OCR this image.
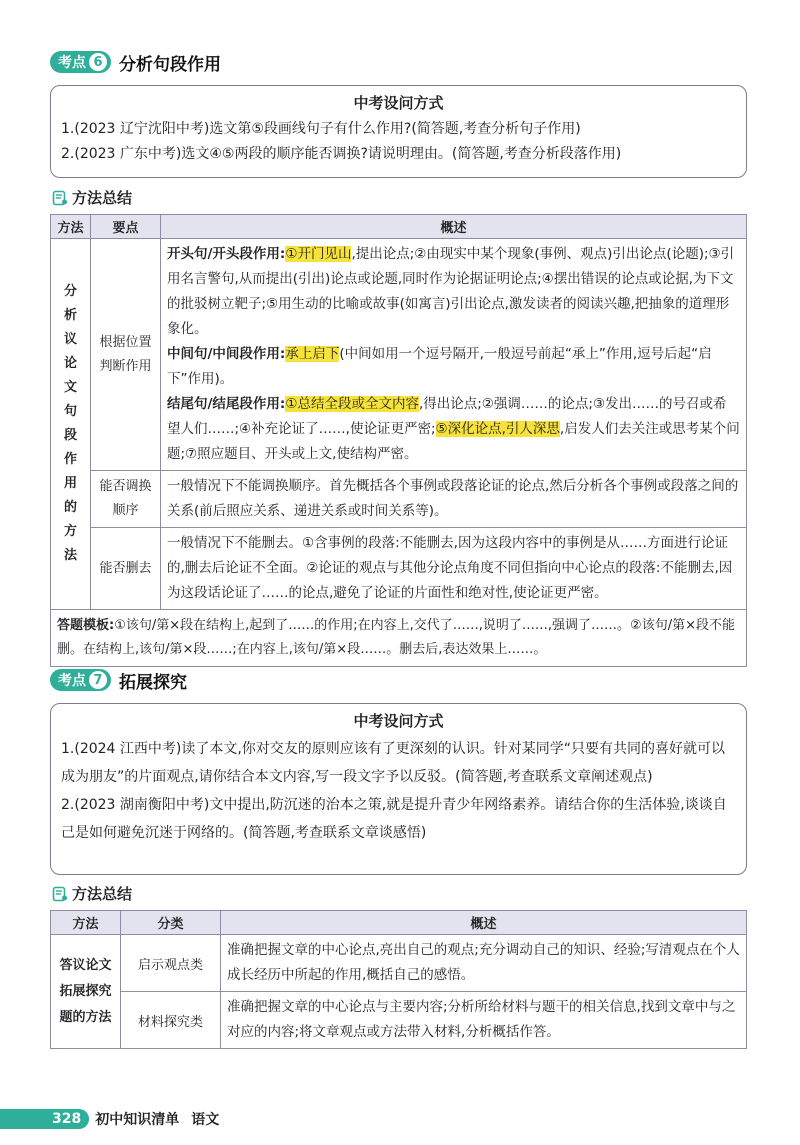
考点 6 分析句段作用
中考设问方式

1.(2023 辽宁沈阳中考)选文第⑤段画线句子有什么作用?(简答题,考查分析句子作用)

2.(2023 广东中考)选文④⑤两段的顺序能否调换?请说明理由。(简答题,考查分析段落作用)

方法总结
方法	要点	概述
分析议论文句段作用的方法	根据位置判断作用	开头句/开头段作用:①开门见山,提出论点;②由现实中某个现象(事例、观点)引出论点(论题);③引用名言警句,从而提出(引出)论点或论题,同时作为论据证明论点;④摆出错误的论点或论据,为下文的批驳树立靶子;⑤用生动的比喻或故事(如寓言)引出论点,激发读者的阅读兴趣,把抽象的道理形象化。
中间句/中间段作用:承上启下(中间如用一个逗号隔开,一般逗号前起“承上”作用,逗号后起“启下”作用)。
结尾句/结尾段作用:①总结全段或全文内容,得出论点;②强调……的论点;③发出……的号召或希望人们……;④补充论证了……,使论证更严密;⑤深化论点,引人深思,启发人们去关注或思考某个问题;⑦照应题目、开头或上文,使结构严密。

	能否调换顺序	一般情况下不能调换顺序。首先概括各个事例或段落论证的论点,然后分析各个事例或段落之间的关系(前后照应关系、递进关系或时间关系等)。
	能否删去	一般情况下不能删去。①含事例的段落:不能删去,因为这段内容中的事例是从……方面进行论证的,删去后论证不全面。②论证的观点与其他分论点角度不同但指向中心论点的段落:不能删去,因为这段话论证了……的论点,避免了论证的片面性和绝对性,使论证更严密。
答题模板:①该句/第×段在结构上,起到了……的作用;在内容上,交代了……,说明了……,强调了……。②该句/第×段不能删。在结构上,该句/第×段……;在内容上,该句/第×段……。删去后,表达效果上……。		
考点 7 拓展探究
中考设问方式

1.(2024 江西中考)读了本文,你对交友的原则应该有了更深刻的认识。针对某同学“只要有共同的喜好就可以成为朋友”的片面观点,请你结合本文内容,写一段文字予以反驳。(简答题,考查联系文章阐述观点)

2.(2023 湖南衡阳中考)文中提出,防沉迷的治本之策,就是提升青少年网络素养。请结合你的生活体验,谈谈自己是如何避免沉迷于网络的。(简答题,考查联系文章谈感悟)

方法总结
方法	分类	概述
答议论文拓展探究题的方法	启示观点类	准确把握文章的中心论点,亮出自己的观点;充分调动自己的知识、经验;写清观点在个人成长经历中所起的作用,概括自己的感悟。
	材料探究类	准确把握文章的中心论点与主要内容;分析所给材料与题干的相关信息,找到文章中与之对应的内容;将文章观点或方法带入材料,分析概括作答。
328	初中知识清单 语文
